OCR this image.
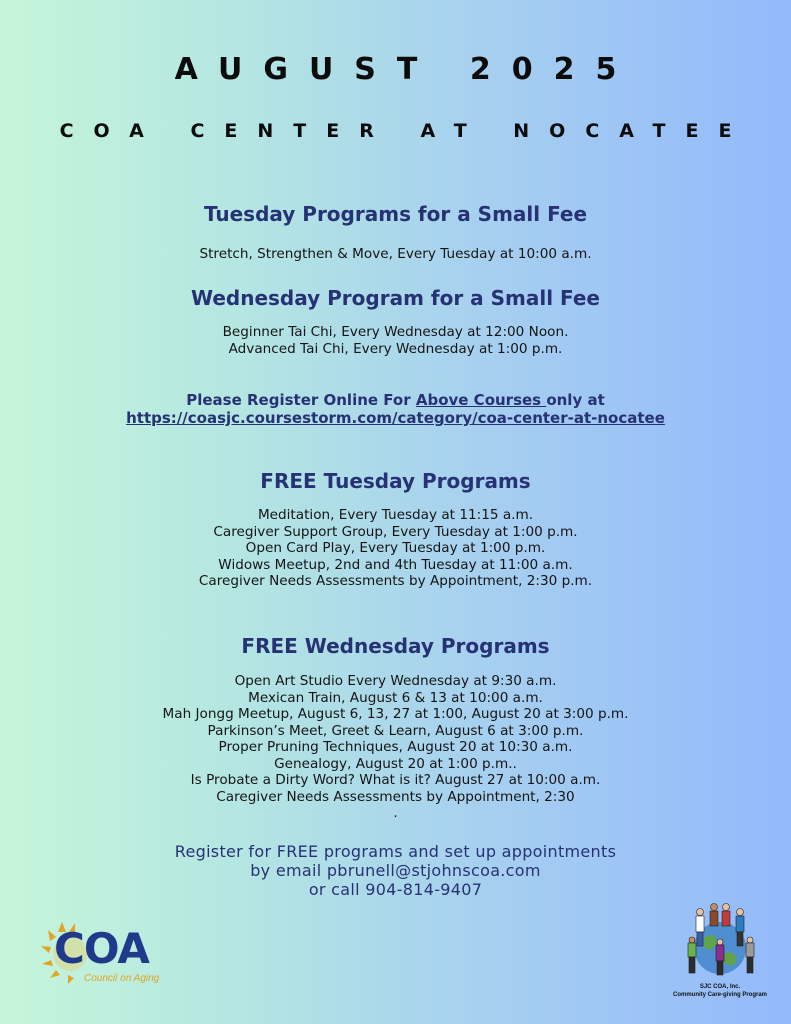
AUGUST 2025
COA CENTER AT NOCATEE
Tuesday Programs for a Small Fee
Stretch, Strengthen & Move, Every Tuesday at 10:00 a.m.
Wednesday Program for a Small Fee
Beginner Tai Chi, Every Wednesday at 12:00 Noon.
Advanced Tai Chi, Every Wednesday at 1:00 p.m.
Please Register Online For Above Courses only at
https://coasjc.coursestorm.com/category/coa-center-at-nocatee
FREE Tuesday Programs
Meditation, Every Tuesday at 11:15 a.m.
Caregiver Support Group, Every Tuesday at 1:00 p.m.
Open Card Play, Every Tuesday at 1:00 p.m.
Widows Meetup, 2nd and 4th Tuesday at 11:00 a.m.
Caregiver Needs Assessments by Appointment, 2:30 p.m.
FREE Wednesday Programs
Open Art Studio Every Wednesday at 9:30 a.m.
Mexican Train, August 6 & 13 at 10:00 a.m.
Mah Jongg Meetup, August 6, 13, 27 at 1:00, August 20 at 3:00 p.m.
Parkinson’s Meet, Greet & Learn, August 6 at 3:00 p.m.
Proper Pruning Techniques, August 20 at 10:30 a.m.
Genealogy, August 20 at 1:00 p.m..
Is Probate a Dirty Word? What is it? August 27 at 10:00 a.m.
Caregiver Needs Assessments by Appointment, 2:30
.
Register for FREE programs and set up appointments
by email pbrunell@stjohnscoa.com
or call 904-814-9407
COA
Council on Aging
SJC COA, Inc.
Community Care-giving Program
